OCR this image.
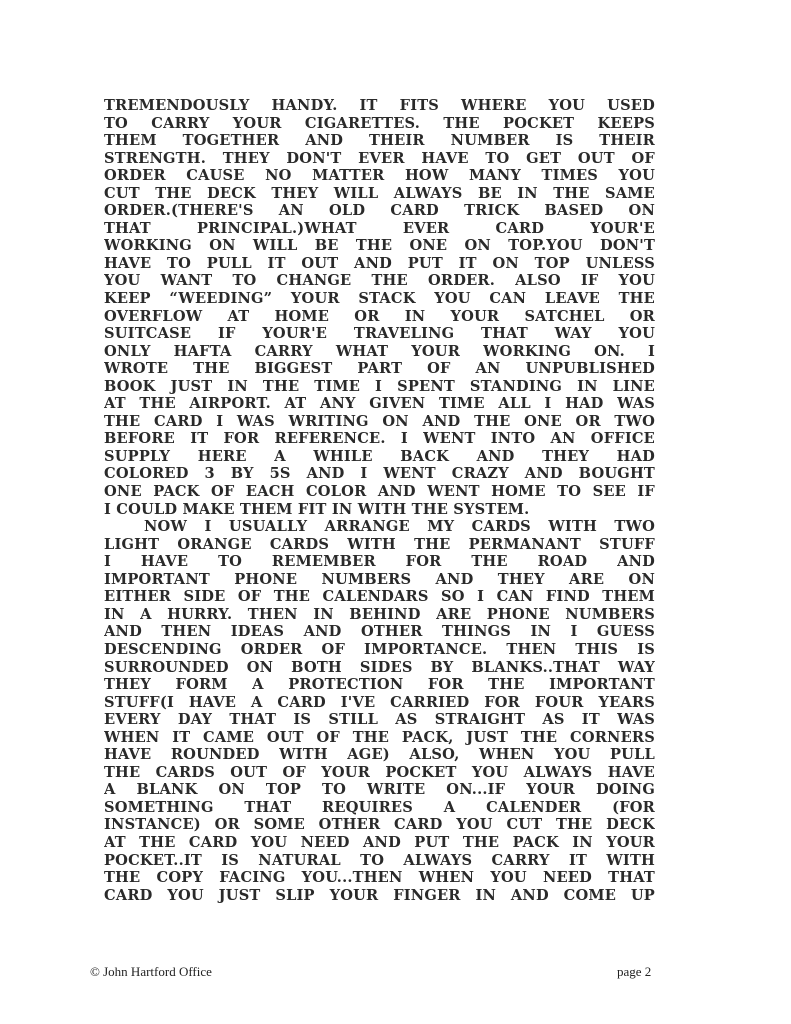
TREMENDOUSLY HANDY. IT FITS WHERE YOU USED
TO CARRY YOUR CIGARETTES. THE POCKET KEEPS
THEM TOGETHER AND THEIR NUMBER IS THEIR
STRENGTH. THEY DON'T EVER HAVE TO GET OUT OF
ORDER CAUSE NO MATTER HOW MANY TIMES YOU
CUT THE DECK THEY WILL ALWAYS BE IN THE SAME
ORDER.(THERE'S AN OLD CARD TRICK BASED ON
THAT PRINCIPAL.)WHAT EVER CARD YOUR'E
WORKING ON WILL BE THE ONE ON TOP.YOU DON'T
HAVE TO PULL IT OUT AND PUT IT ON TOP UNLESS
YOU WANT TO CHANGE THE ORDER. ALSO IF YOU
KEEP “WEEDING” YOUR STACK YOU CAN LEAVE THE
OVERFLOW AT HOME OR IN YOUR SATCHEL OR
SUITCASE IF YOUR'E TRAVELING THAT WAY YOU
ONLY HAFTA CARRY WHAT YOUR WORKING ON. I
WROTE THE BIGGEST PART OF AN UNPUBLISHED
BOOK JUST IN THE TIME I SPENT STANDING IN LINE
AT THE AIRPORT. AT ANY GIVEN TIME ALL I HAD WAS
THE CARD I WAS WRITING ON AND THE ONE OR TWO
BEFORE IT FOR REFERENCE. I WENT INTO AN OFFICE
SUPPLY HERE A WHILE BACK AND THEY HAD
COLORED 3 BY 5S AND I WENT CRAZY AND BOUGHT
ONE PACK OF EACH COLOR AND WENT HOME TO SEE IF
I COULD MAKE THEM FIT IN WITH THE SYSTEM.
NOW I USUALLY ARRANGE MY CARDS WITH TWO
LIGHT ORANGE CARDS WITH THE PERMANANT STUFF
I HAVE TO REMEMBER FOR THE ROAD AND
IMPORTANT PHONE NUMBERS AND THEY ARE ON
EITHER SIDE OF THE CALENDARS SO I CAN FIND THEM
IN A HURRY. THEN IN BEHIND ARE PHONE NUMBERS
AND THEN IDEAS AND OTHER THINGS IN I GUESS
DESCENDING ORDER OF IMPORTANCE. THEN THIS IS
SURROUNDED ON BOTH SIDES BY BLANKS..THAT WAY
THEY FORM A PROTECTION FOR THE IMPORTANT
STUFF(I HAVE A CARD I'VE CARRIED FOR FOUR YEARS
EVERY DAY THAT IS STILL AS STRAIGHT AS IT WAS
WHEN IT CAME OUT OF THE PACK, JUST THE CORNERS
HAVE ROUNDED WITH AGE) ALSO, WHEN YOU PULL
THE CARDS OUT OF YOUR POCKET YOU ALWAYS HAVE
A BLANK ON TOP TO WRITE ON...IF YOUR DOING
SOMETHING THAT REQUIRES A CALENDER (FOR
INSTANCE) OR SOME OTHER CARD YOU CUT THE DECK
AT THE CARD YOU NEED AND PUT THE PACK IN YOUR
POCKET..IT IS NATURAL TO ALWAYS CARRY IT WITH
THE COPY FACING YOU...THEN WHEN YOU NEED THAT
CARD YOU JUST SLIP YOUR FINGER IN AND COME UP
© John Hartford Office	page 2
